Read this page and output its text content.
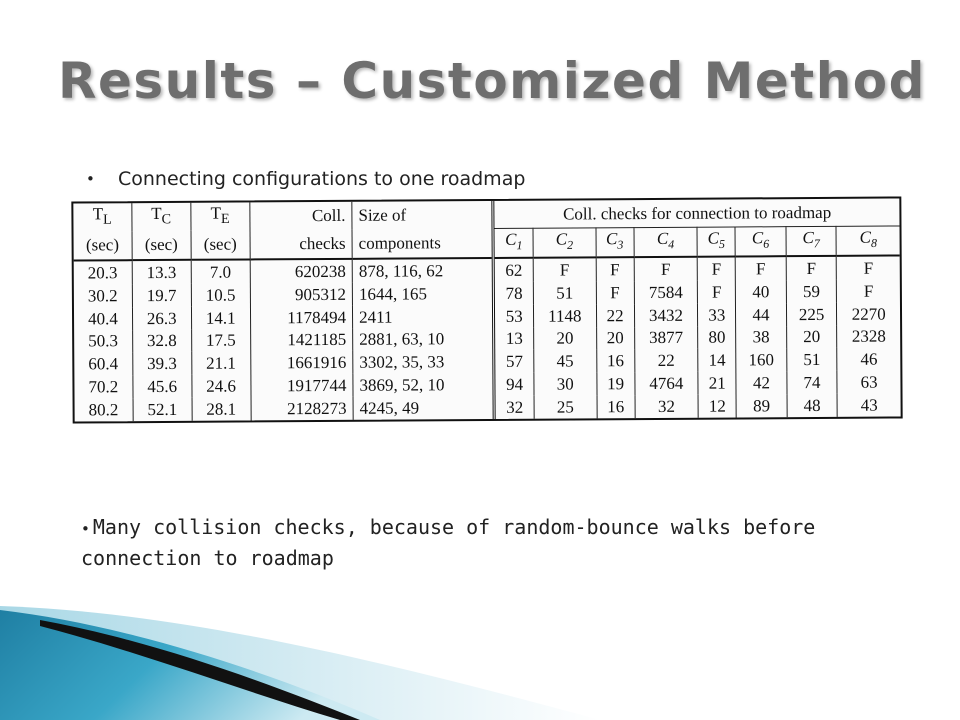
Results – Customized Method
• Connecting configurations to one roadmap
$T_L$	$T_C$	$T_E$	Coll.	Size of	Coll. checks for connection to roadmap							
(sec)	(sec)	(sec)	checks	components	$C_1$	$C_2$	$C_3$	$C_4$	$C_5$	$C_6$	$C_7$	$C_8$
20.3	13.3	7.0	620238	878, 116, 62	62	F	F	F	F	F	F	F
30.2	19.7	10.5	905312	1644, 165	78	51	F	7584	F	40	59	F
40.4	26.3	14.1	1178494	2411	53	1148	22	3432	33	44	225	2270
50.3	32.8	17.5	1421185	2881, 63, 10	13	20	20	3877	80	38	20	2328
60.4	39.3	21.1	1661916	3302, 35, 33	57	45	16	22	14	160	51	46
70.2	45.6	24.6	1917744	3869, 52, 10	94	30	19	4764	21	42	74	63
80.2	52.1	28.1	2128273	4245, 49	32	25	16	32	12	89	48	43
• Many collision checks, because of random-bounce walks before connection to roadmap
